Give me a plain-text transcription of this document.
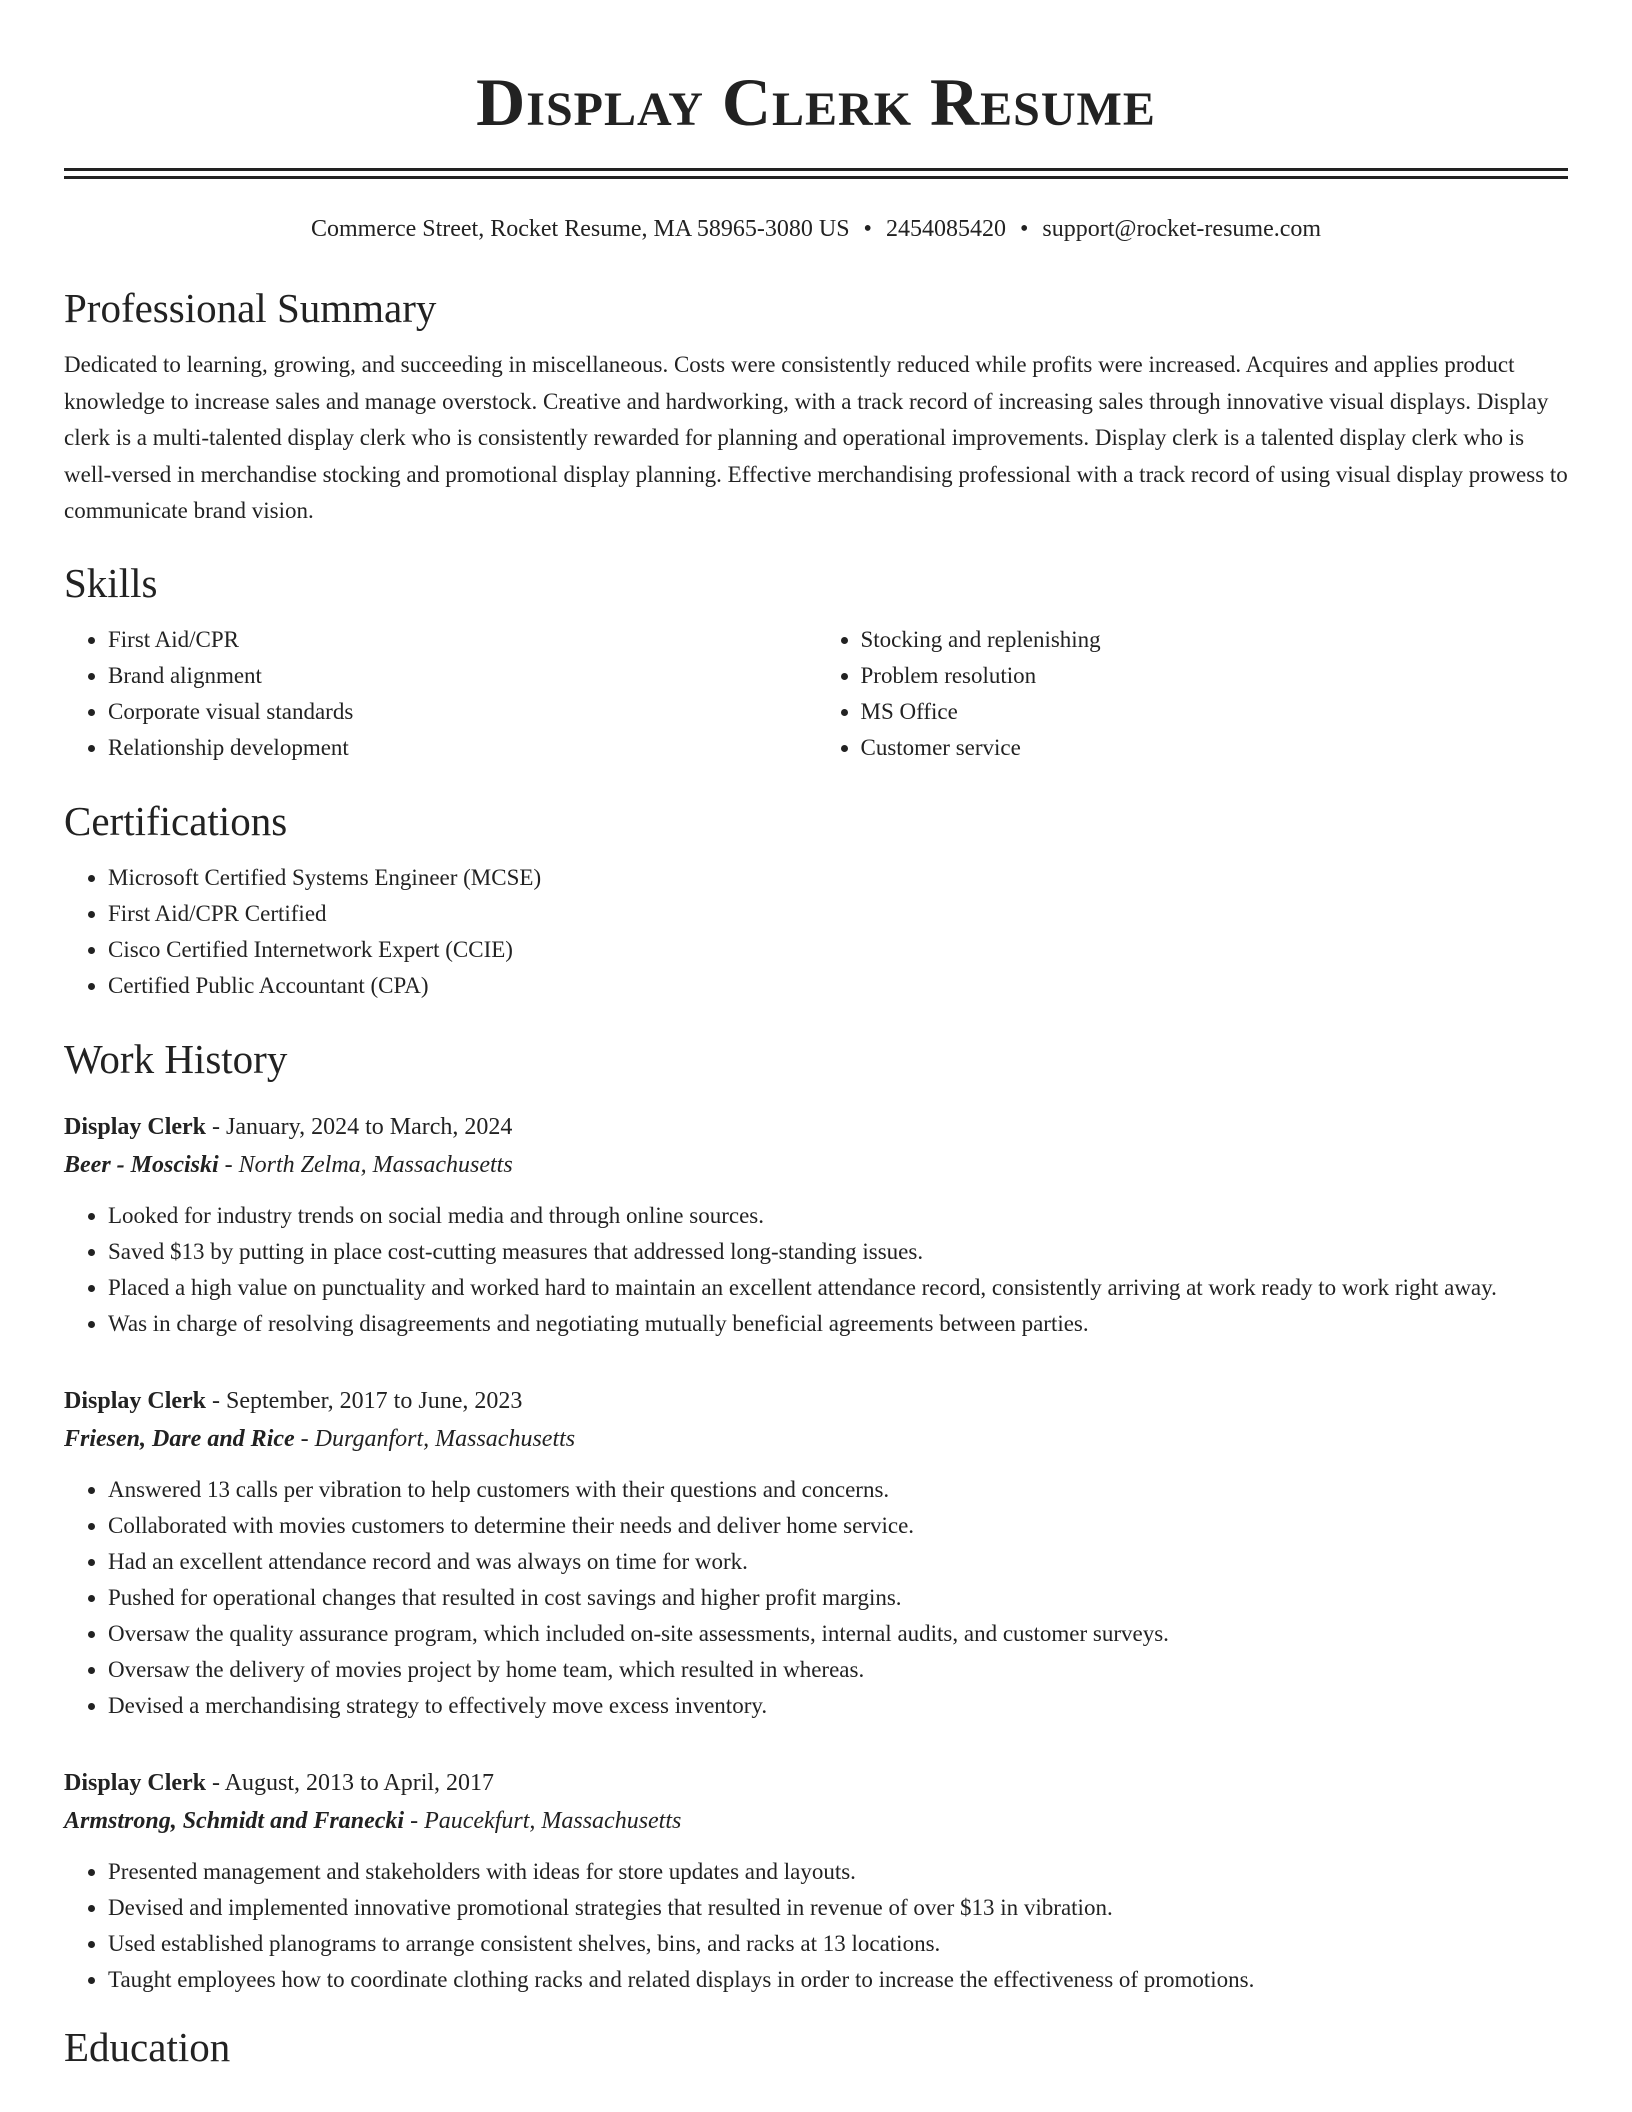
Display Clerk Resume
Commerce Street, Rocket Resume, MA 58965-3080 US • 2454085420 • support@rocket-resume.com
Professional Summary

Dedicated to learning, growing, and succeeding in miscellaneous. Costs were consistently reduced while profits were increased. Acquires and applies product knowledge to increase sales and manage overstock. Creative and hardworking, with a track record of increasing sales through innovative visual displays. Display clerk is a multi-talented display clerk who is consistently rewarded for planning and operational improvements. Display clerk is a talented display clerk who is well-versed in merchandise stocking and promotional display planning. Effective merchandising professional with a track record of using visual display prowess to communicate brand vision.

Skills
• First Aid/CPR
• Brand alignment
• Corporate visual standards
• Relationship development
• Stocking and replenishing
• Problem resolution
• MS Office
• Customer service
Certifications
• Microsoft Certified Systems Engineer (MCSE)
• First Aid/CPR Certified
• Cisco Certified Internetwork Expert (CCIE)
• Certified Public Accountant (CPA)
Work History
Display Clerk - January, 2024 to March, 2024
Beer - Mosciski - North Zelma, Massachusetts
• Looked for industry trends on social media and through online sources.
• Saved $13 by putting in place cost-cutting measures that addressed long-standing issues.
• Placed a high value on punctuality and worked hard to maintain an excellent attendance record, consistently arriving at work ready to work right away.
• Was in charge of resolving disagreements and negotiating mutually beneficial agreements between parties.
Display Clerk - September, 2017 to June, 2023
Friesen, Dare and Rice - Durganfort, Massachusetts
• Answered 13 calls per vibration to help customers with their questions and concerns.
• Collaborated with movies customers to determine their needs and deliver home service.
• Had an excellent attendance record and was always on time for work.
• Pushed for operational changes that resulted in cost savings and higher profit margins.
• Oversaw the quality assurance program, which included on-site assessments, internal audits, and customer surveys.
• Oversaw the delivery of movies project by home team, which resulted in whereas.
• Devised a merchandising strategy to effectively move excess inventory.
Display Clerk - August, 2013 to April, 2017
Armstrong, Schmidt and Franecki - Paucekfurt, Massachusetts
• Presented management and stakeholders with ideas for store updates and layouts.
• Devised and implemented innovative promotional strategies that resulted in revenue of over $13 in vibration.
• Used established planograms to arrange consistent shelves, bins, and racks at 13 locations.
• Taught employees how to coordinate clothing racks and related displays in order to increase the effectiveness of promotions.
Education
